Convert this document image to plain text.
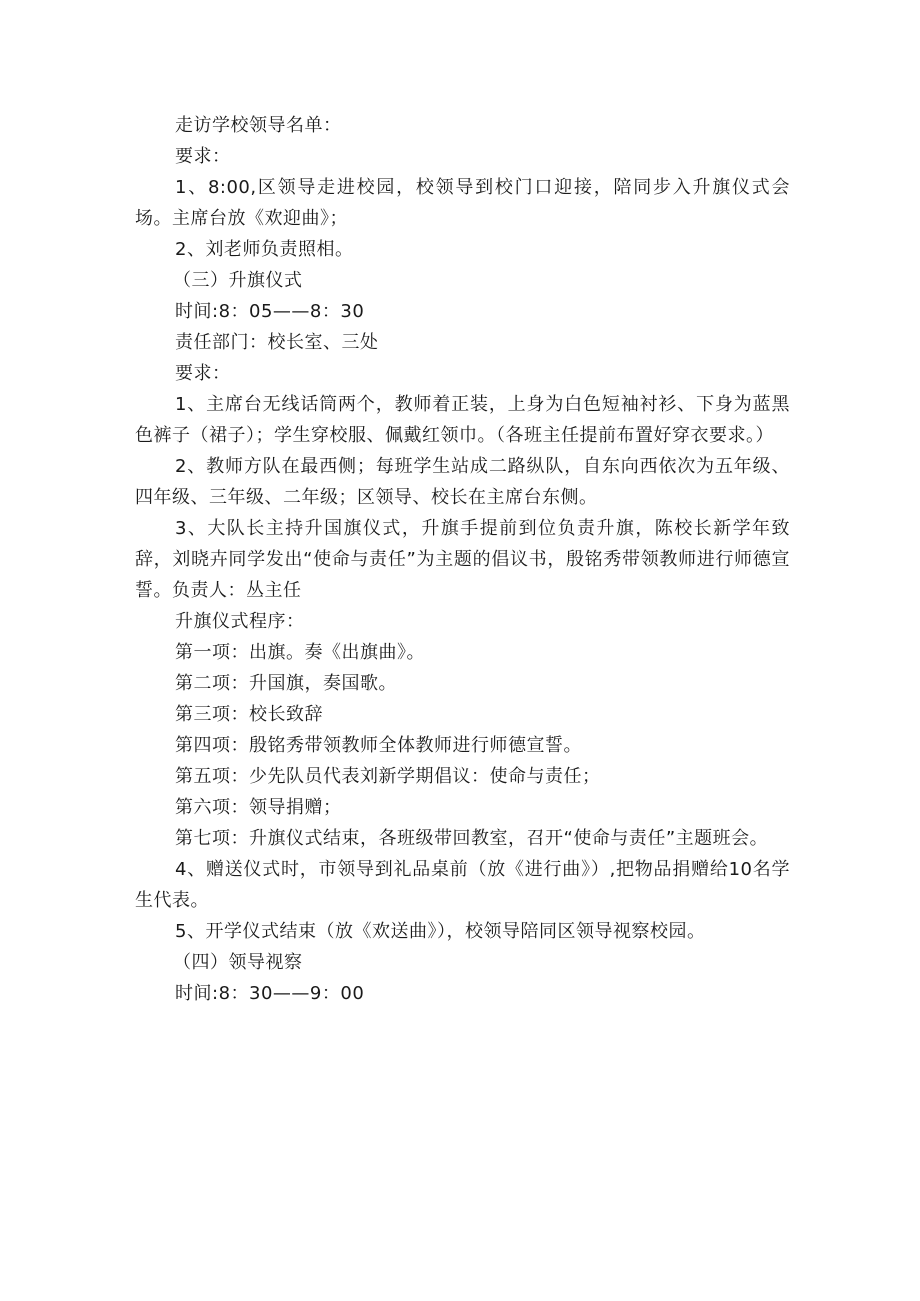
走访学校领导名单：

要求：

1、8:00,区领导走进校园，校领导到校门口迎接，陪同步入升旗仪式会场。主席台放《欢迎曲》；

2、刘老师负责照相。

（三）升旗仪式

时间:8：05——8：30

责任部门：校长室、三处

要求：

1、主席台无线话筒两个，教师着正装，上身为白色短袖衬衫、下身为蓝黑色裤子（裙子）；学生穿校服、佩戴红领巾。（各班主任提前布置好穿衣要求。）

2、教师方队在最西侧；每班学生站成二路纵队，自东向西依次为五年级、四年级、三年级、二年级；区领导、校长在主席台东侧。

3、大队长主持升国旗仪式，升旗手提前到位负责升旗，陈校长新学年致辞，刘晓卉同学发出“使命与责任”为主题的倡议书，殷铭秀带领教师进行师德宣誓。负责人：丛主任

升旗仪式程序：

第一项：出旗。奏《出旗曲》。

第二项：升国旗，奏国歌。

第三项：校长致辞

第四项：殷铭秀带领教师全体教师进行师德宣誓。

第五项：少先队员代表刘新学期倡议：使命与责任；

第六项：领导捐赠；

第七项：升旗仪式结束，各班级带回教室，召开“使命与责任”主题班会。

4、赠送仪式时，市领导到礼品桌前（放《进行曲》）,把物品捐赠给10名学生代表。

5、开学仪式结束（放《欢送曲》），校领导陪同区领导视察校园。

（四）领导视察

时间:8：30——9：00
